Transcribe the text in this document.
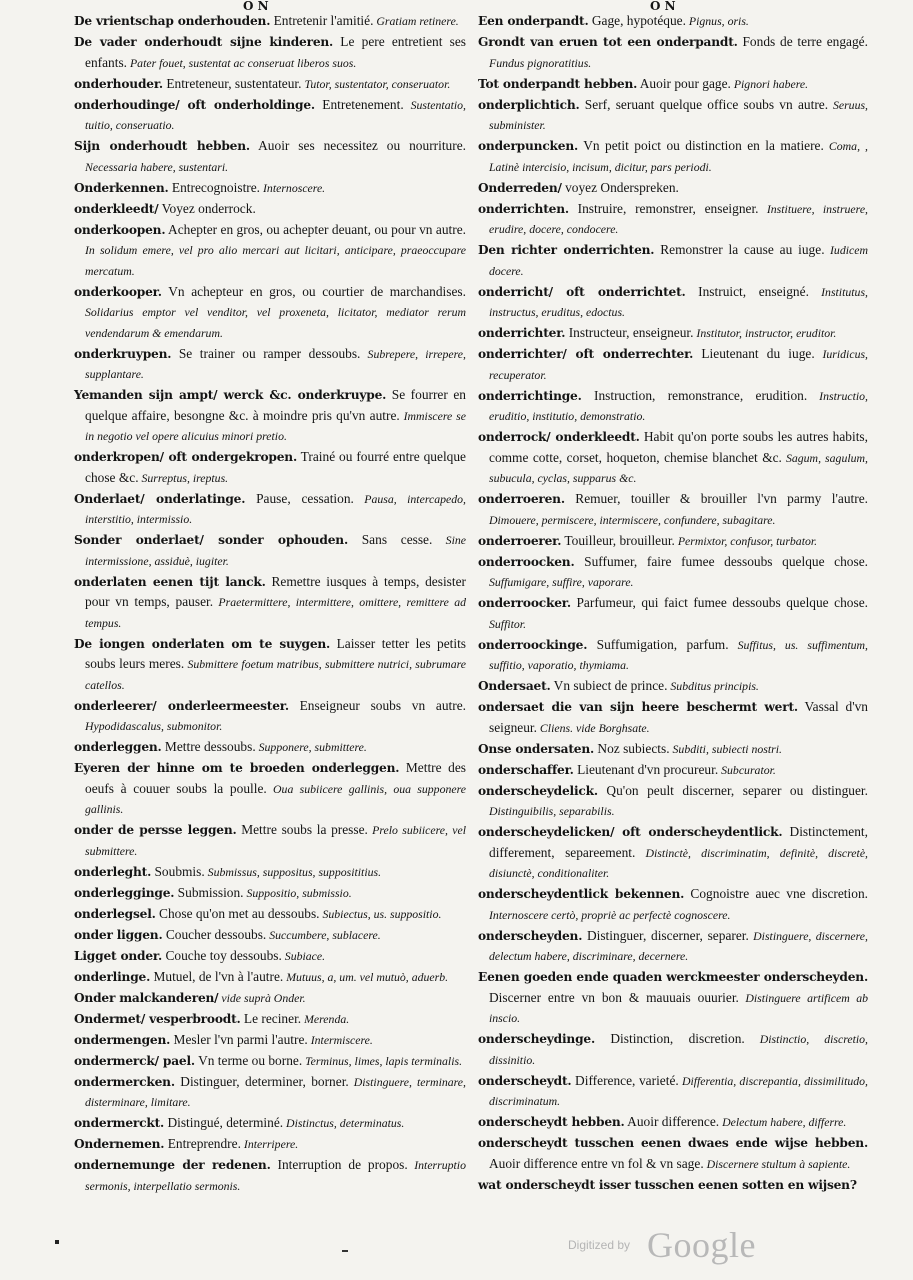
O N	O N

De vrientschap onderhouden. Entretenir l'amitié. Gratiam retinere.

De vader onderhoudt sijne kinderen. Le pere entretient ses enfants. Pater fouet, sustentat ac conseruat liberos suos.

onderhouder. Entreteneur, sustentateur. Tutor, sustentator, conseruator.

onderhoudinge/ oft onderholdinge. Entretenement. Sustentatio, tuitio, conseruatio.

Sijn onderhoudt hebben. Auoir ses necessitez ou nourriture. Necessaria habere, sustentari.

Onderkennen. Entrecognoistre. Internoscere.

onderkleedt/ Voyez onderrock.

onderkoopen. Achepter en gros, ou achepter deuant, ou pour vn autre. In solidum emere, vel pro alio mercari aut licitari, anticipare, praeoccupare mercatum.

onderkooper. Vn achepteur en gros, ou courtier de marchandises. Solidarius emptor vel venditor, vel proxeneta, licitator, mediator rerum vendendarum & emendarum.

onderkruypen. Se trainer ou ramper dessoubs. Subrepere, irrepere, supplantare.

Yemanden sijn ampt/ werck &c. onderkruype. Se fourrer en quelque affaire, besongne &c. à moindre pris qu'vn autre. Immiscere se in negotio vel opere alicuius minori pretio.

onderkropen/ oft ondergekropen. Trainé ou fourré entre quelque chose &c. Surreptus, ireptus.

Onderlaet/ onderlatinge. Pause, cessation. Pausa, intercapedo, interstitio, intermissio.

Sonder onderlaet/ sonder ophouden. Sans cesse. Sine intermissione, assiduè, iugiter.

onderlaten eenen tijt lanck. Remettre iusques à temps, desister pour vn temps, pauser. Praetermittere, intermittere, omittere, remittere ad tempus.

De iongen onderlaten om te suygen. Laisser tetter les petits soubs leurs meres. Submittere foetum matribus, submittere nutrici, subrumare catellos.

onderleerer/ onderleermeester. Enseigneur soubs vn autre. Hypodidascalus, submonitor.

onderleggen. Mettre dessoubs. Supponere, submittere.

Eyeren der hinne om te broeden onderleggen. Mettre des oeufs à couuer soubs la poulle. Oua subiicere gallinis, oua supponere gallinis.

onder de persse leggen. Mettre soubs la presse. Prelo subiicere, vel submittere.

onderleght. Soubmis. Submissus, suppositus, supposititius.

onderlegginge. Submission. Suppositio, submissio.

onderlegsel. Chose qu'on met au dessoubs. Subiectus, us. suppositio.

onder liggen. Coucher dessoubs. Succumbere, sublacere.

Ligget onder. Couche toy dessoubs. Subiace.

onderlinge. Mutuel, de l'vn à l'autre. Mutuus, a, um. vel mutuò, aduerb.

Onder malckanderen/ vide suprà Onder.

Ondermet/ vesperbroodt. Le reciner. Merenda.

ondermengen. Mesler l'vn parmi l'autre. Intermiscere.

ondermerck/ pael. Vn terme ou borne. Terminus, limes, lapis terminalis.

ondermercken. Distinguer, determiner, borner. Distinguere, terminare, disterminare, limitare.

ondermerckt. Distingué, determiné. Distinctus, determinatus.

Ondernemen. Entreprendre. Interripere.

ondernemunge der redenen. Interruption de propos. Interruptio sermonis, interpellatio sermonis.

Een onderpandt. Gage, hypotéque. Pignus, oris.

Grondt van eruen tot een onderpandt. Fonds de terre engagé. Fundus pignoratitius.

Tot onderpandt hebben. Auoir pour gage. Pignori habere.

onderplichtich. Serf, seruant quelque office soubs vn autre. Seruus, subminister.

onderpuncken. Vn petit poict ou distinction en la matiere. Coma, , Latinè intercisio, incisum, dicitur, pars periodi.

Onderreden/ voyez Onderspreken.

onderrichten. Instruire, remonstrer, enseigner. Instituere, instruere, erudire, docere, condocere.

Den richter onderrichten. Remonstrer la cause au iuge. Iudicem docere.

onderricht/ oft onderrichtet. Instruict, enseigné. Institutus, instructus, eruditus, edoctus.

onderrichter. Instructeur, enseigneur. Institutor, instructor, eruditor.

onderrichter/ oft onderrechter. Lieutenant du iuge. Iuridicus, recuperator.

onderrichtinge. Instruction, remonstrance, erudition. Instructio, eruditio, institutio, demonstratio.

onderrock/ onderkleedt. Habit qu'on porte soubs les autres habits, comme cotte, corset, hoqueton, chemise blanchet &c. Sagum, sagulum, subucula, cyclas, supparus &c.

onderroeren. Remuer, touiller & brouiller l'vn parmy l'autre. Dimouere, permiscere, intermiscere, confundere, subagitare.

onderroerer. Touilleur, brouilleur. Permixtor, confusor, turbator.

onderroocken. Suffumer, faire fumee dessoubs quelque chose. Suffumigare, suffire, vaporare.

onderroocker. Parfumeur, qui faict fumee dessoubs quelque chose. Suffitor.

onderroockinge. Suffumigation, parfum. Suffitus, us. suffimentum, suffitio, vaporatio, thymiama.

Ondersaet. Vn subiect de prince. Subditus principis.

ondersaet die van sijn heere beschermt wert. Vassal d'vn seigneur. Cliens. vide Borghsate.

Onse ondersaten. Noz subiects. Subditi, subiecti nostri.

onderschaffer. Lieutenant d'vn procureur. Subcurator.

onderscheydelick. Qu'on peult discerner, separer ou distinguer. Distinguibilis, separabilis.

onderscheydelicken/ oft onderscheydentlick. Distinctement, differement, separeement. Distinctè, discriminatim, definitè, discretè, disiunctè, conditionaliter.

onderscheydentlick bekennen. Cognoistre auec vne discretion. Internoscere certò, propriè ac perfectè cognoscere.

onderscheyden. Distinguer, discerner, separer. Distinguere, discernere, delectum habere, discriminare, decernere.

Eenen goeden ende quaden werckmeester onderscheyden. Discerner entre vn bon & mauuais ouurier. Distinguere artificem ab inscio.

onderscheydinge. Distinction, discretion. Distinctio, discretio, dissinitio.

onderscheydt. Difference, varieté. Differentia, discrepantia, dissimilitudo, discriminatum.

onderscheydt hebben. Auoir difference. Delectum habere, differre.

onderscheydt tusschen eenen dwaes ende wijse hebben. Auoir difference entre vn fol & vn sage. Discernere stultum à sapiente.

wat onderscheydt isser tusschen eenen sotten en wijsen?

Digitized by Google
